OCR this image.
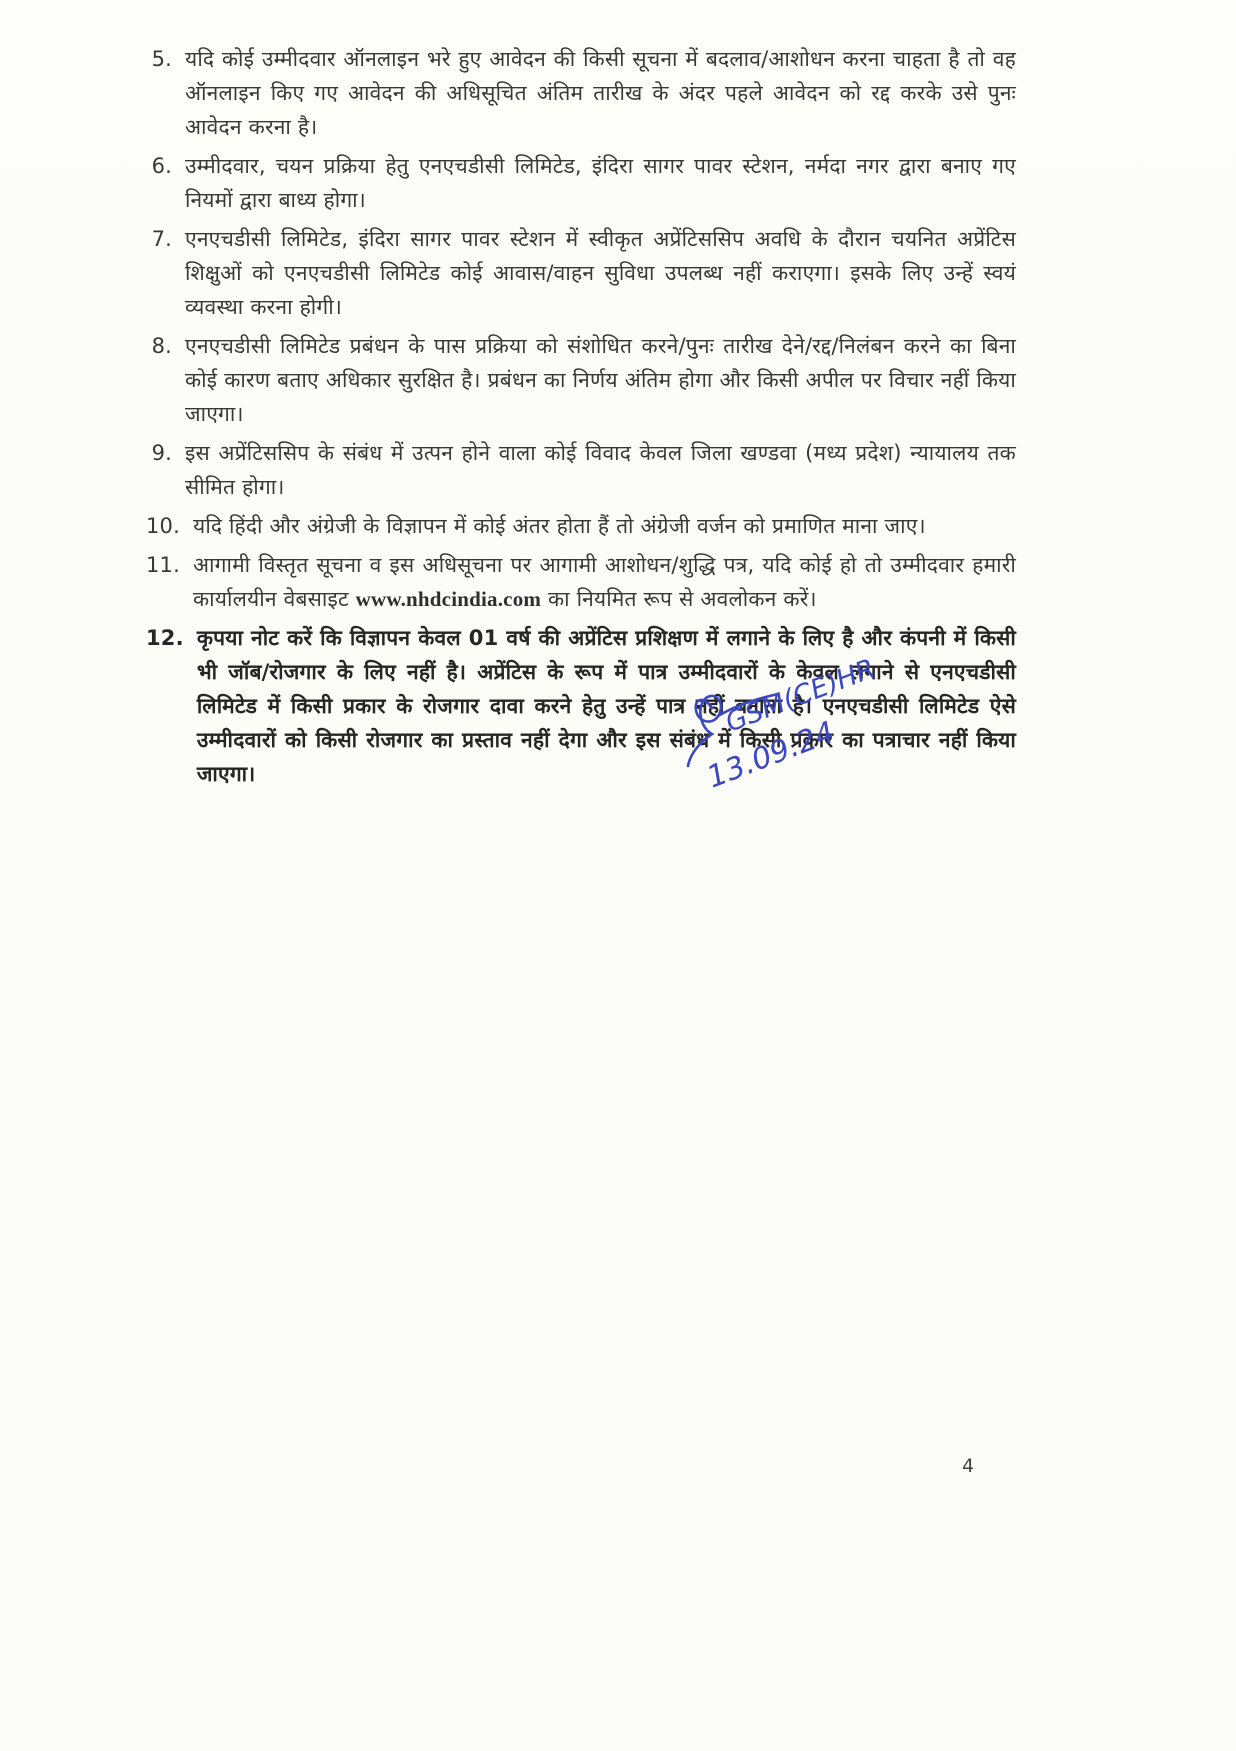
5. यदि कोई उम्मीदवार ऑनलाइन भरे हुए आवेदन की किसी सूचना में बदलाव/आशोधन करना चाहता है तो वह ऑनलाइन किए गए आवेदन की अधिसूचित अंतिम तारीख के अंदर पहले आवेदन को रद्द करके उसे पुनः आवेदन करना है।
6. उम्मीदवार, चयन प्रक्रिया हेतु एनएचडीसी लिमिटेड, इंदिरा सागर पावर स्टेशन, नर्मदा नगर द्वारा बनाए गए नियमों द्वारा बाध्य होगा।
7. एनएचडीसी लिमिटेड, इंदिरा सागर पावर स्टेशन में स्वीकृत अप्रेंटिससिप अवधि के दौरान चयनित अप्रेंटिस शिक्षुओं को एनएचडीसी लिमिटेड कोई आवास/वाहन सुविधा उपलब्ध नहीं कराएगा। इसके लिए उन्हें स्वयं व्यवस्था करना होगी।
8. एनएचडीसी लिमिटेड प्रबंधन के पास प्रक्रिया को संशोधित करने/पुनः तारीख देने/रद्द/निलंबन करने का बिना कोई कारण बताए अधिकार सुरक्षित है। प्रबंधन का निर्णय अंतिम होगा और किसी अपील पर विचार नहीं किया जाएगा।
9. इस अप्रेंटिससिप के संबंध में उत्पन होने वाला कोई विवाद केवल जिला खण्डवा (मध्य प्रदेश) न्यायालय तक सीमित होगा।
10. यदि हिंदी और अंग्रेजी के विज्ञापन में कोई अंतर होता हैं तो अंग्रेजी वर्जन को प्रमाणित माना जाए।
11. आगामी विस्तृत सूचना व इस अधिसूचना पर आगामी आशोधन/शुद्धि पत्र, यदि कोई हो तो उम्मीदवार हमारी कार्यालयीन वेबसाइट www.nhdcindia.com का नियमित रूप से अवलोकन करें।
12. कृपया नोट करें कि विज्ञापन केवल 01 वर्ष की अप्रेंटिस प्रशिक्षण में लगाने के लिए है और कंपनी में किसी भी जॉब/रोजगार के लिए नहीं है। अप्रेंटिस के रूप में पात्र उम्मीदवारों के केवल लगाने से एनएचडीसी लिमिटेड में किसी प्रकार के रोजगार दावा करने हेतु उन्हें पात्र नहीं बनाता है। एनएचडीसी लिमिटेड ऐसे उम्मीदवारों को किसी रोजगार का प्रस्ताव नहीं देगा और इस संबंध में किसी प्रकार का पत्राचार नहीं किया जाएगा।
GSM(CE)HR
13.09.24
4
